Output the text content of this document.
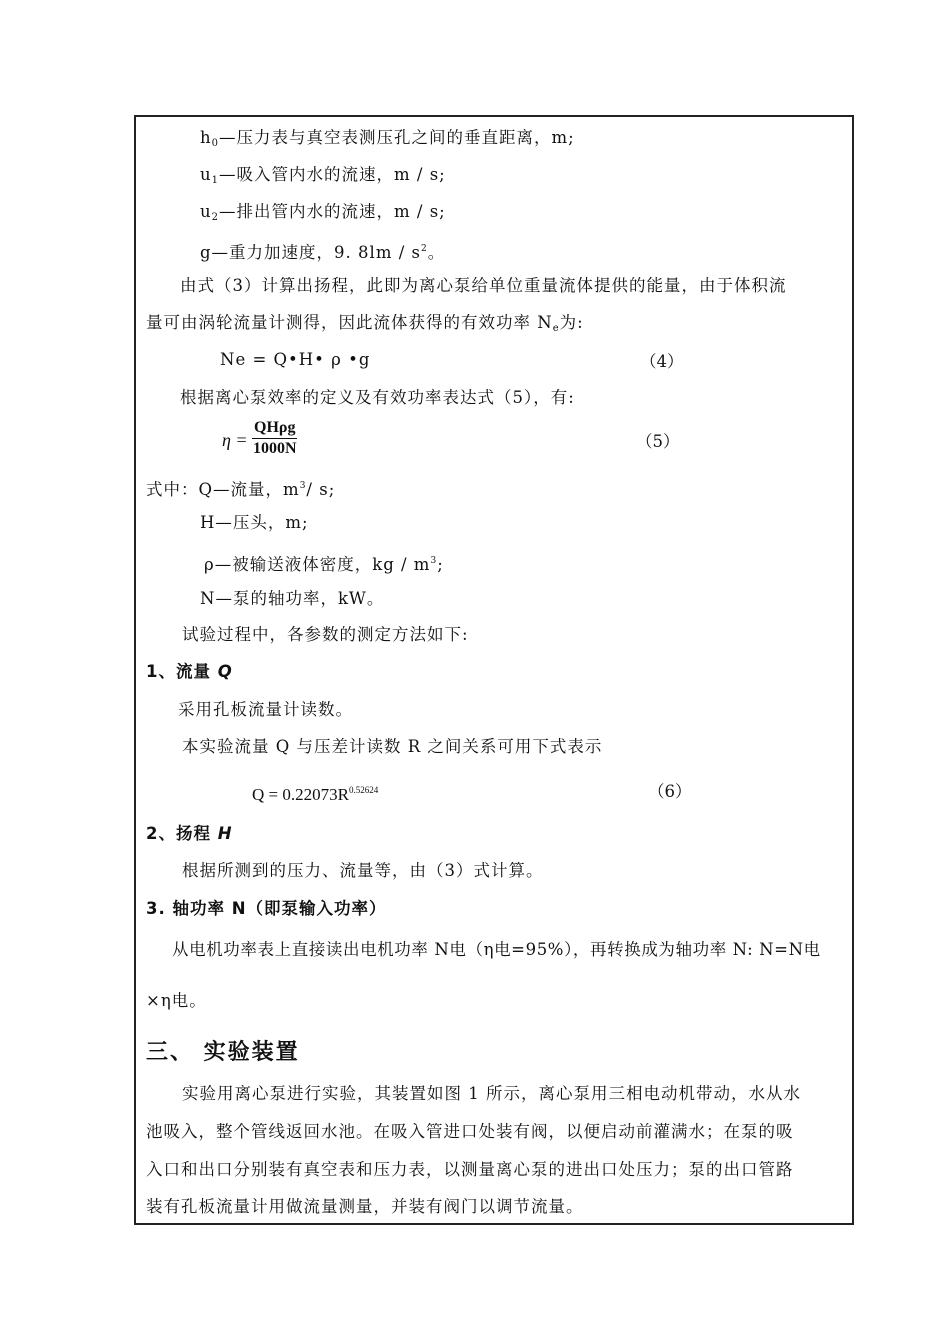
$h_0—$压力表与真空表测压孔之间的垂直距离，m;
$u_1—$吸入管内水的流速，m / s;
$u_2—$排出管内水的流速，m / s;
g—重力加速度，9. $8lm / s^2$。
由式（3）计算出扬程，此即为离心泵给单位重量流体提供的能量，由于体积流
量可由涡轮流量计测得，因此流体获得的有效功率 $N_e$为:
Ne = Q•H• ρ •g	（4）
根据离心泵效率的定义及有效功率表达式（5），有:
η =
QHρg
1000N	（5）
式中：Q—流量，$m^3/$ s;
H—压头，m;
ρ—被输送液体密度，kg / $m^3$;
N—泵的轴功率，kW。
试验过程中，各参数的测定方法如下:
1、流量 Q
采用孔板流量计读数。
本实验流量 Q 与压差计读数 R 之间关系可用下式表示
$Q = 0.22073R^{0.52624}$	（6）
2、扬程 H
根据所测到的压力、流量等，由（3）式计算。
3. 轴功率 N（即泵输入功率）
从电机功率表上直接读出电机功率 N电（η电=95%），再转换成为轴功率 N: N=N电
×η电。
三、 实验装置
实验用离心泵进行实验，其装置如图 1 所示，离心泵用三相电动机带动，水从水
池吸入，整个管线返回水池。在吸入管进口处装有阀，以便启动前灌满水；在泵的吸
入口和出口分别装有真空表和压力表，以测量离心泵的进出口处压力；泵的出口管路
装有孔板流量计用做流量测量，并装有阀门以调节流量。
